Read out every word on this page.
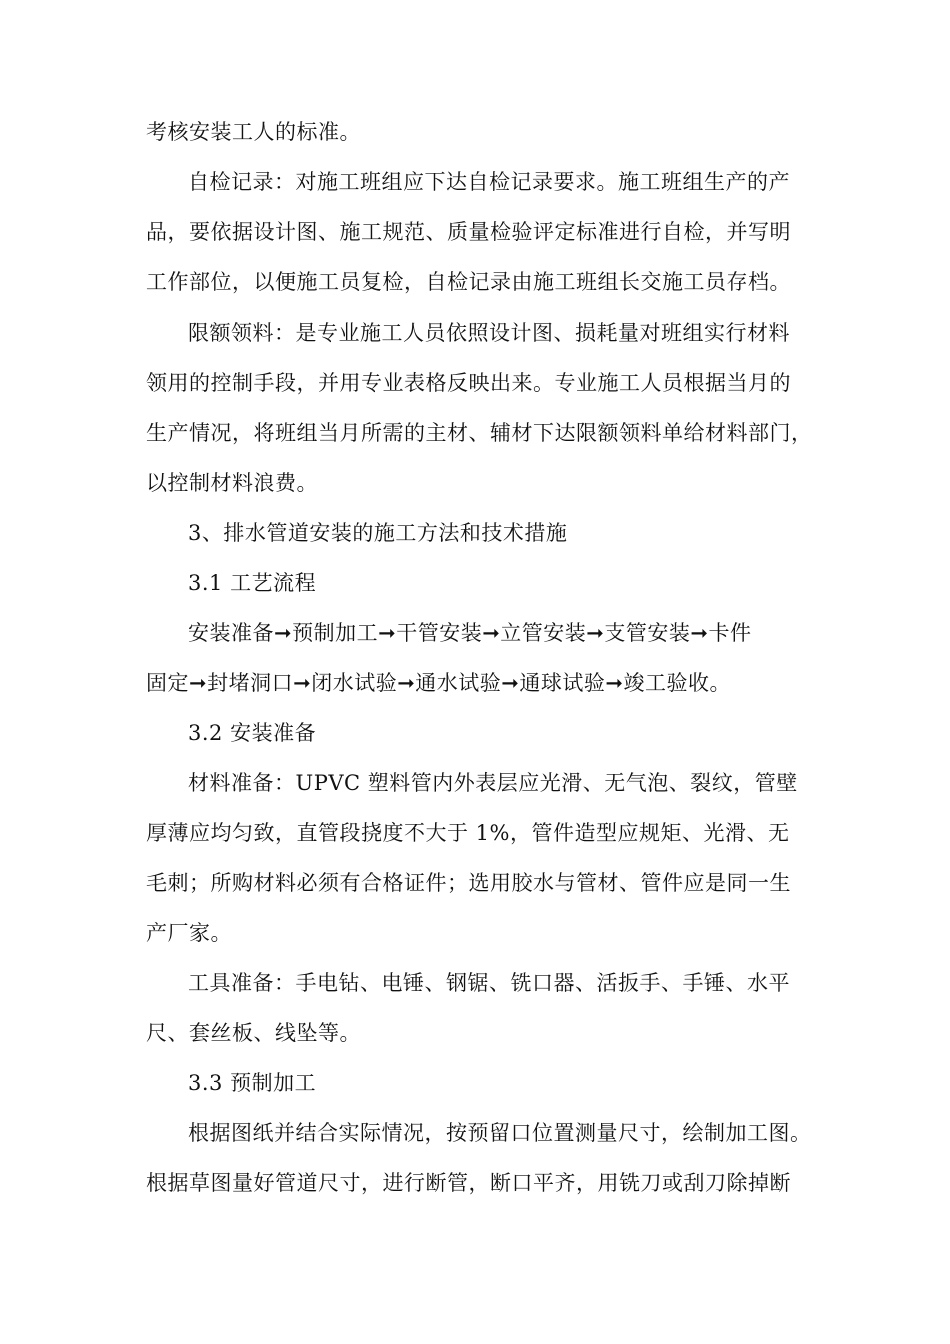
考核安装工人的标准。
自检记录：对施工班组应下达自检记录要求。施工班组生产的产
品，要依据设计图、施工规范、质量检验评定标准进行自检，并写明
工作部位，以便施工员复检，自检记录由施工班组长交施工员存档。
限额领料：是专业施工人员依照设计图、损耗量对班组实行材料
领用的控制手段，并用专业表格反映出来。专业施工人员根据当月的
生产情况，将班组当月所需的主材、辅材下达限额领料单给材料部门，
以控制材料浪费。
3、排水管道安装的施工方法和技术措施
3.1 工艺流程
安装准备➞预制加工➞干管安装➞立管安装➞支管安装➞卡件
固定➞封堵洞口➞闭水试验➞通水试验➞通球试验➞竣工验收。
3.2 安装准备
材料准备：UPVC 塑料管内外表层应光滑、无气泡、裂纹，管壁
厚薄应均匀致，直管段挠度不大于 1%，管件造型应规矩、光滑、无
毛刺；所购材料必须有合格证件；选用胶水与管材、管件应是同一生
产厂家。
工具准备：手电钻、电锤、钢锯、铣口器、活扳手、手锤、水平
尺、套丝板、线坠等。
3.3 预制加工
根据图纸并结合实际情况，按预留口位置测量尺寸，绘制加工图。
根据草图量好管道尺寸，进行断管，断口平齐，用铣刀或刮刀除掉断
